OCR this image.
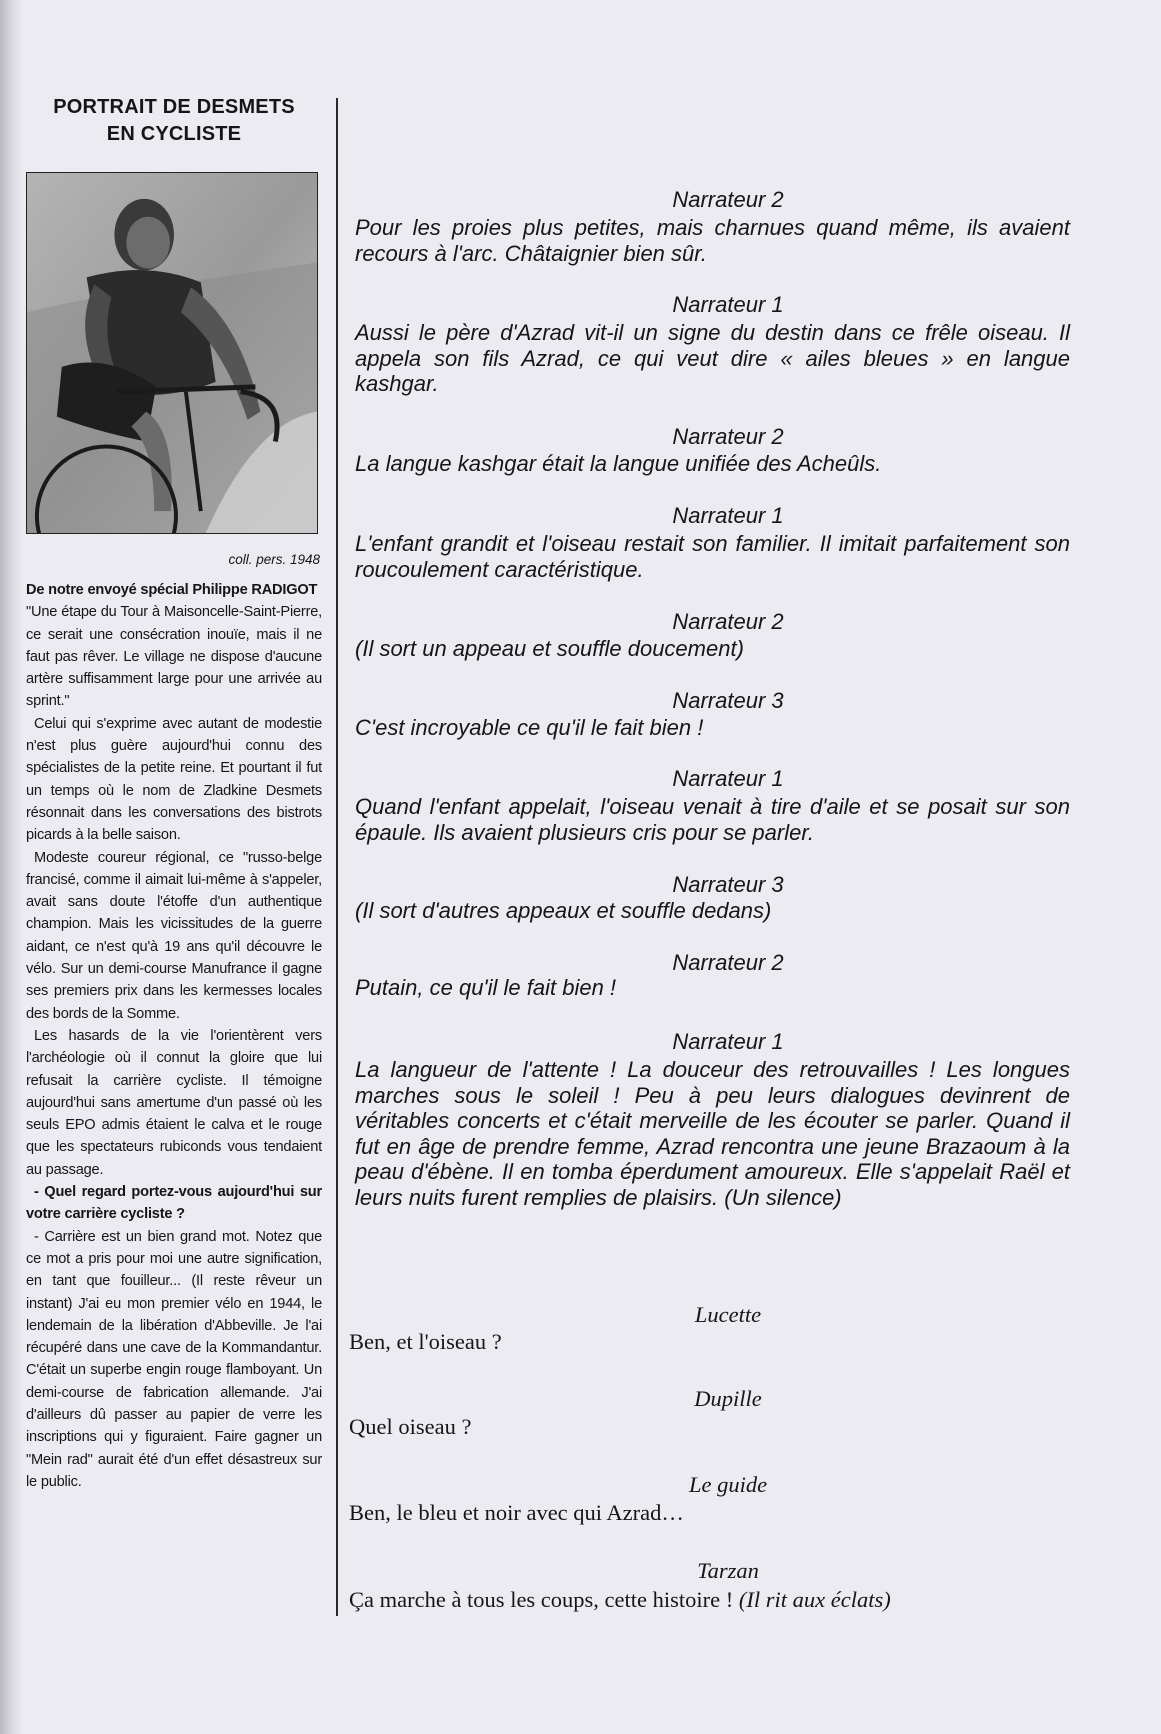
PORTRAIT DE DESMETS
EN CYCLISTE

coll. pers. 1948

De notre envoyé spécial Philippe RADIGOT

"Une étape du Tour à Maisoncelle-Saint-Pierre, ce serait une consécration inouïe, mais il ne faut pas rêver. Le village ne dispose d'aucune artère suffisamment large pour une arrivée au sprint."

Celui qui s'exprime avec autant de modestie n'est plus guère aujourd'hui connu des spécialistes de la petite reine. Et pourtant il fut un temps où le nom de Zladkine Desmets résonnait dans les conversations des bistrots picards à la belle saison.

Modeste coureur régional, ce "russo-belge francisé, comme il aimait lui-même à s'appeler, avait sans doute l'étoffe d'un authentique champion. Mais les vicissitudes de la guerre aidant, ce n'est qu'à 19 ans qu'il découvre le vélo. Sur un demi-course Manufrance il gagne ses premiers prix dans les kermesses locales des bords de la Somme.

Les hasards de la vie l'orientèrent vers l'archéologie où il connut la gloire que lui refusait la carrière cycliste. Il témoigne aujourd'hui sans amertume d'un passé où les seuls EPO admis étaient le calva et le rouge que les spectateurs rubiconds vous tendaient au passage.

- Quel regard portez-vous aujourd'hui sur votre carrière cycliste ?

- Carrière est un bien grand mot. Notez que ce mot a pris pour moi une autre signification, en tant que fouilleur... (Il reste rêveur un instant) J'ai eu mon premier vélo en 1944, le lendemain de la libération d'Abbeville. Je l'ai récupéré dans une cave de la Kommandantur. C'était un superbe engin rouge flamboyant. Un demi-course de fabrication allemande. J'ai d'ailleurs dû passer au papier de verre les inscriptions qui y figuraient. Faire gagner un "Mein rad" aurait été d'un effet désastreux sur le public.

Narrateur 2

Pour les proies plus petites, mais charnues quand même, ils avaient recours à l'arc. Châtaignier bien sûr.

Narrateur 1

Aussi le père d'Azrad vit-il un signe du destin dans ce frêle oiseau. Il appela son fils Azrad, ce qui veut dire « ailes bleues » en langue kashgar.

Narrateur 2

La langue kashgar était la langue unifiée des Acheûls.

Narrateur 1

L'enfant grandit et l'oiseau restait son familier. Il imitait parfaitement son roucoulement caractéristique.

Narrateur 2

(Il sort un appeau et souffle doucement)

Narrateur 3

C'est incroyable ce qu'il le fait bien !

Narrateur 1

Quand l'enfant appelait, l'oiseau venait à tire d'aile et se posait sur son épaule. Ils avaient plusieurs cris pour se parler.

Narrateur 3

(Il sort d'autres appeaux et souffle dedans)

Narrateur 2

Putain, ce qu'il le fait bien !

Narrateur 1

La langueur de l'attente ! La douceur des retrouvailles ! Les longues marches sous le soleil ! Peu à peu leurs dialogues devinrent de véritables concerts et c'était merveille de les écouter se parler. Quand il fut en âge de prendre femme, Azrad rencontra une jeune Brazaoum à la peau d'ébène. Il en tomba éperdument amoureux. Elle s'appelait Raël et leurs nuits furent remplies de plaisirs. (Un silence)

Lucette

Ben, et l'oiseau ?

Dupille

Quel oiseau ?

Le guide

Ben, le bleu et noir avec qui Azrad…

Tarzan

Ça marche à tous les coups, cette histoire ! (Il rit aux éclats)
